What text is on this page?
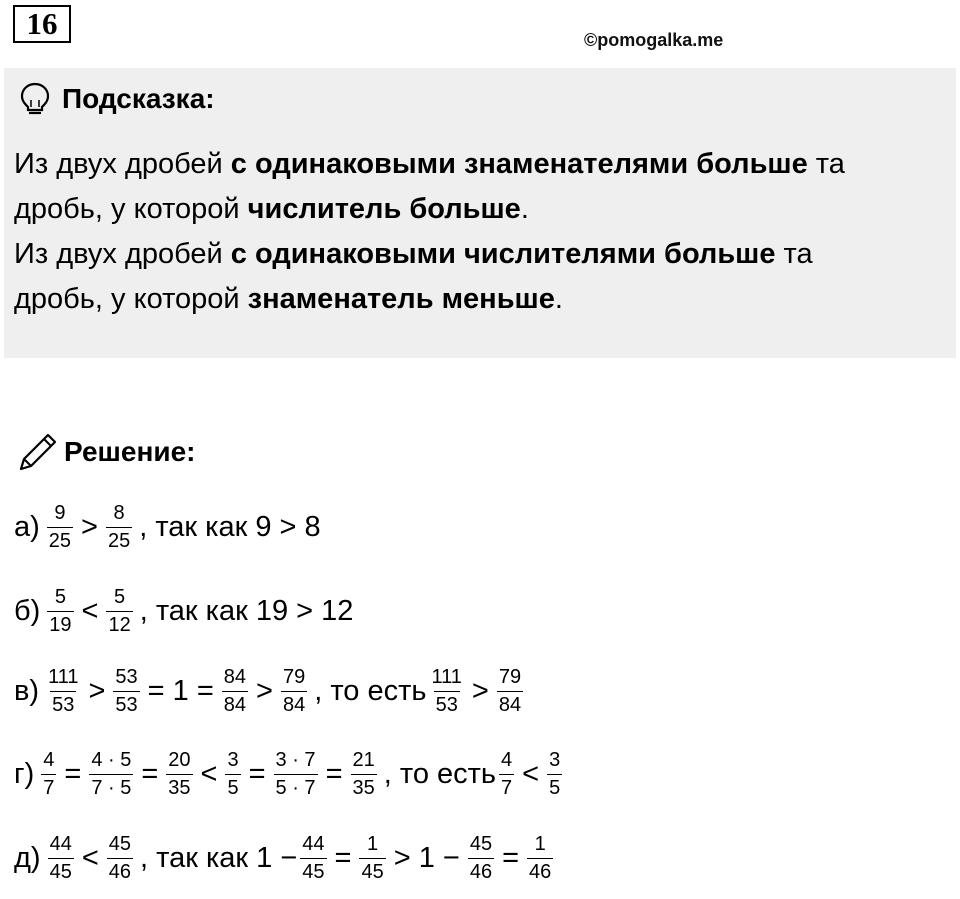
16	©pomogalka.me
Подсказка:

Из двух дробей с одинаковыми знаменателями больше та

дробь, у которой числитель больше.

Из двух дробей с одинаковыми числителями больше та

дробь, у которой знаменатель меньше.

Решение:
$а) \frac{9}{25} > \frac{8}{25}$ , так как 9 > 8
$б) \frac{5}{19} < \frac{5}{12}$ , так как 19 > 12
$в) \frac{111}{53} > \frac{53}{53} = 1 = \frac{84}{84} > \frac{79}{84}$ , то есть $\frac{111}{53} > \frac{79}{84}$
$г) \frac{4}{7} = \frac{4 \cdot 5}{7 \cdot 5} = \frac{20}{35} < \frac{3}{5} = \frac{3 \cdot 7}{5 \cdot 7} = \frac{21}{35}$ , то есть $\frac{4}{7} < \frac{3}{5}$
$д) \frac{44}{45} < \frac{45}{46}$ , так как $1 - \frac{44}{45} = \frac{1}{45} > 1 - \frac{45}{46} = \frac{1}{46}$
